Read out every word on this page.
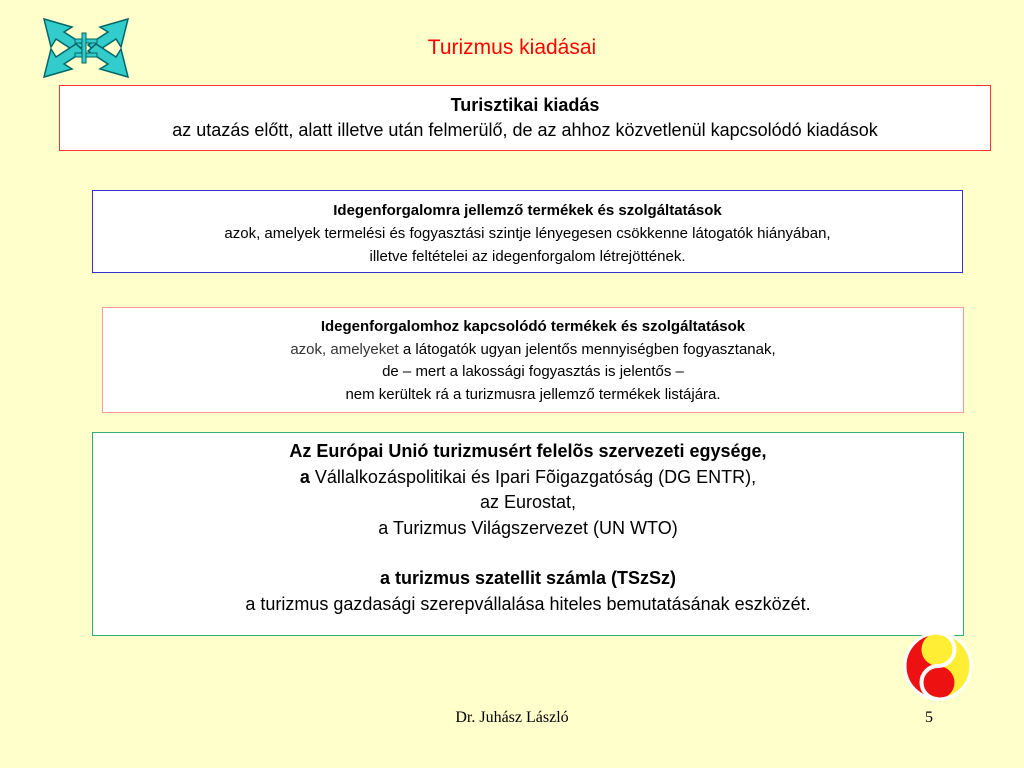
Turizmus kiadásai
Turisztikai kiadás
az utazás előtt, alatt illetve után felmerülő, de az ahhoz közvetlenül kapcsolódó kiadások
Idegenforgalomra jellemző termékek és szolgáltatások
azok, amelyek termelési és fogyasztási szintje lényegesen csökkenne látogatók hiányában,
illetve feltételei az idegenforgalom létrejöttének.
Idegenforgalomhoz kapcsolódó termékek és szolgáltatások
azok, amelyeket a látogatók ugyan jelentős mennyiségben fogyasztanak,
de – mert a lakossági fogyasztás is jelentős –
nem kerültek rá a turizmusra jellemző termékek listájára.
Az Európai Unió turizmusért felelõs szervezeti egysége,
a Vállalkozáspolitikai és Ipari Fõigazgatóság (DG ENTR),
az Eurostat,
a Turizmus Világszervezet (UN WTO)
a turizmus szatellit számla (TSzSz)
a turizmus gazdasági szerepvállalása hiteles bemutatásának eszközét.
Dr. Juhász László	5
